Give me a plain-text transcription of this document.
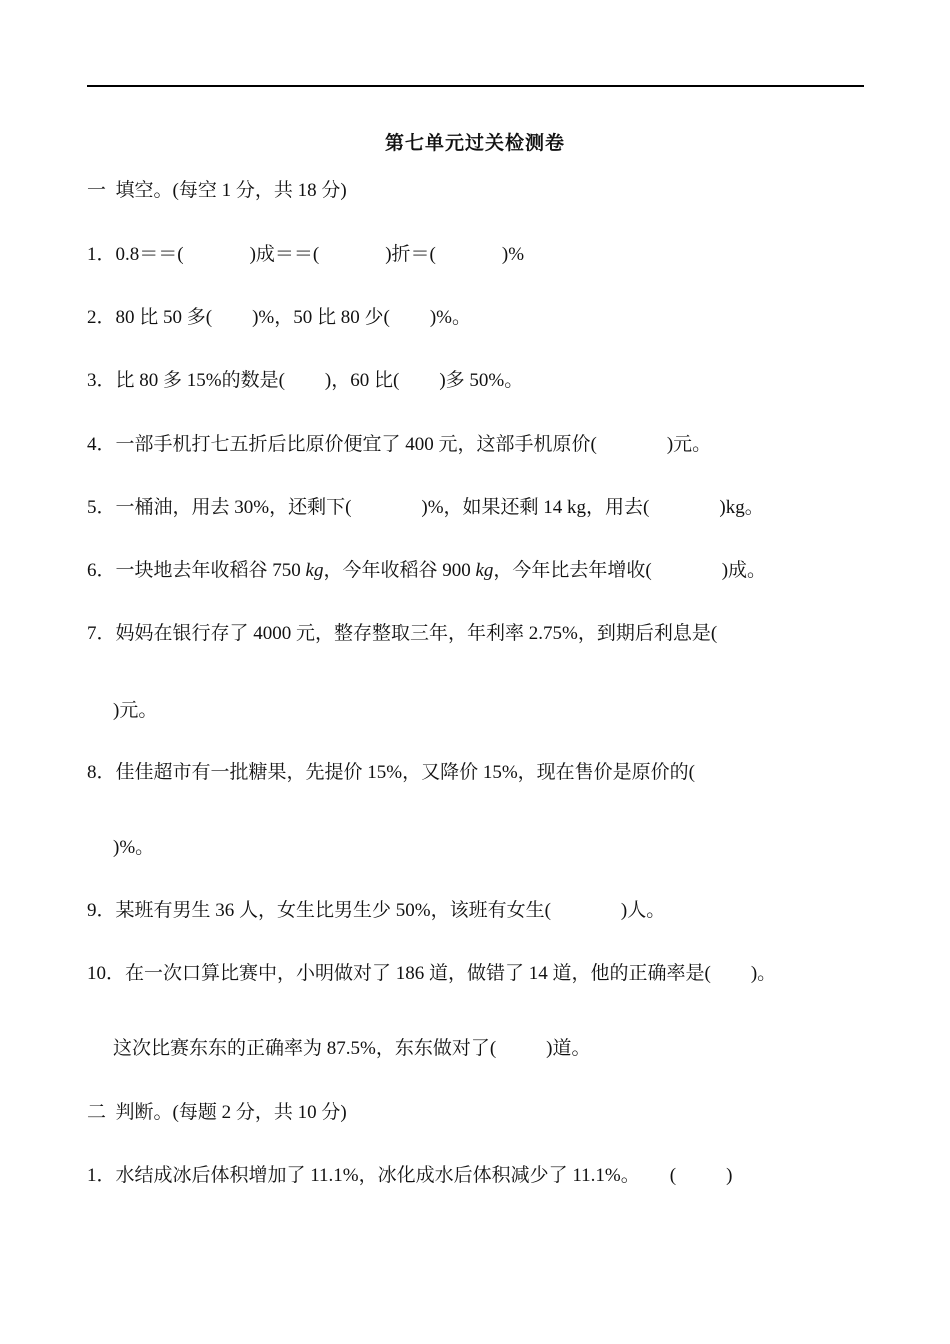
第七单元过关检测卷
一  填空。(每空 1 分，共 18 分)
1．0.8＝＝(	)成＝＝(	)折＝(	)%
2．80 比 50 多( )%，50 比 80 少( )%。
3．比 80 多 15%的数是( )，60 比( )多 50%。
4．一部手机打七五折后比原价便宜了 400 元，这部手机原价(	)元。
5．一桶油，用去 30%，还剩下(	)%，如果还剩 14 kg，用去(	)kg。
6．一块地去年收稻谷 750 kg，今年收稻谷 900 kg，今年比去年增收(	)成。
7．妈妈在银行存了 4000 元，整存整取三年，年利率 2.75%，到期后利息是(
)元。
8．佳佳超市有一批糖果，先提价 15%，又降价 15%，现在售价是原价的(
)%。
9．某班有男生 36 人，女生比男生少 50%，该班有女生(	)人。
10．在一次口算比赛中，小明做对了 186 道，做错了 14 道，他的正确率是( )。
这次比赛东东的正确率为 87.5%，东东做对了(	)道。
二  判断。(每题 2 分，共 10 分)
1．水结成冰后体积增加了 11.1%，冰化成水后体积减少了 11.1%。 (	)
